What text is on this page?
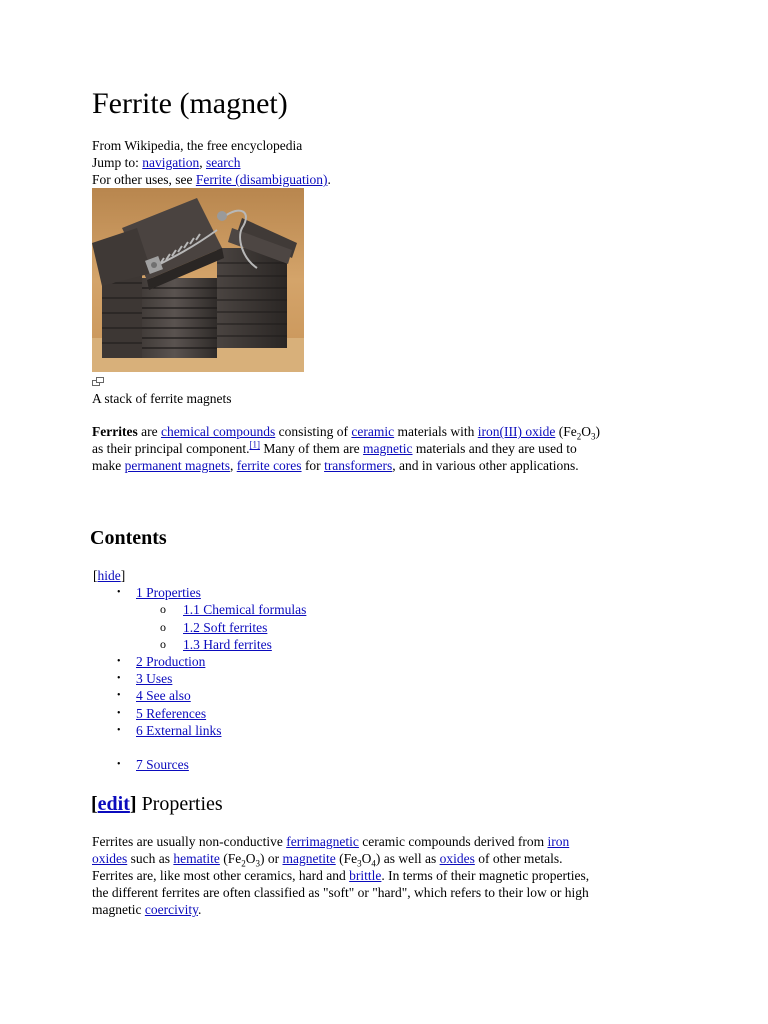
Ferrite (magnet)
From Wikipedia, the free encyclopedia
Jump to: navigation, search
For other uses, see Ferrite (disambiguation).
A stack of ferrite magnets
Ferrites are chemical compounds consisting of ceramic materials with iron(III) oxide $(Fe_2O_3)$
as their principal component.[1] Many of them are magnetic materials and they are used to
make permanent magnets, ferrite cores for transformers, and in various other applications.
Contents
[hide]
• 1 Properties
o 1.1 Chemical formulas
o 1.2 Soft ferrites
o 1.3 Hard ferrites
• 2 Production
• 3 Uses
• 4 See also
• 5 References
• 6 External links
• 7 Sources
[edit] Properties
Ferrites are usually non-conductive ferrimagnetic ceramic compounds derived from iron
oxides such as hematite $(Fe_2O_3)$ or magnetite $(Fe_3O_4)$ as well as oxides of other metals.
Ferrites are, like most other ceramics, hard and brittle. In terms of their magnetic properties,
the different ferrites are often classified as "soft" or "hard", which refers to their low or high
magnetic coercivity.
